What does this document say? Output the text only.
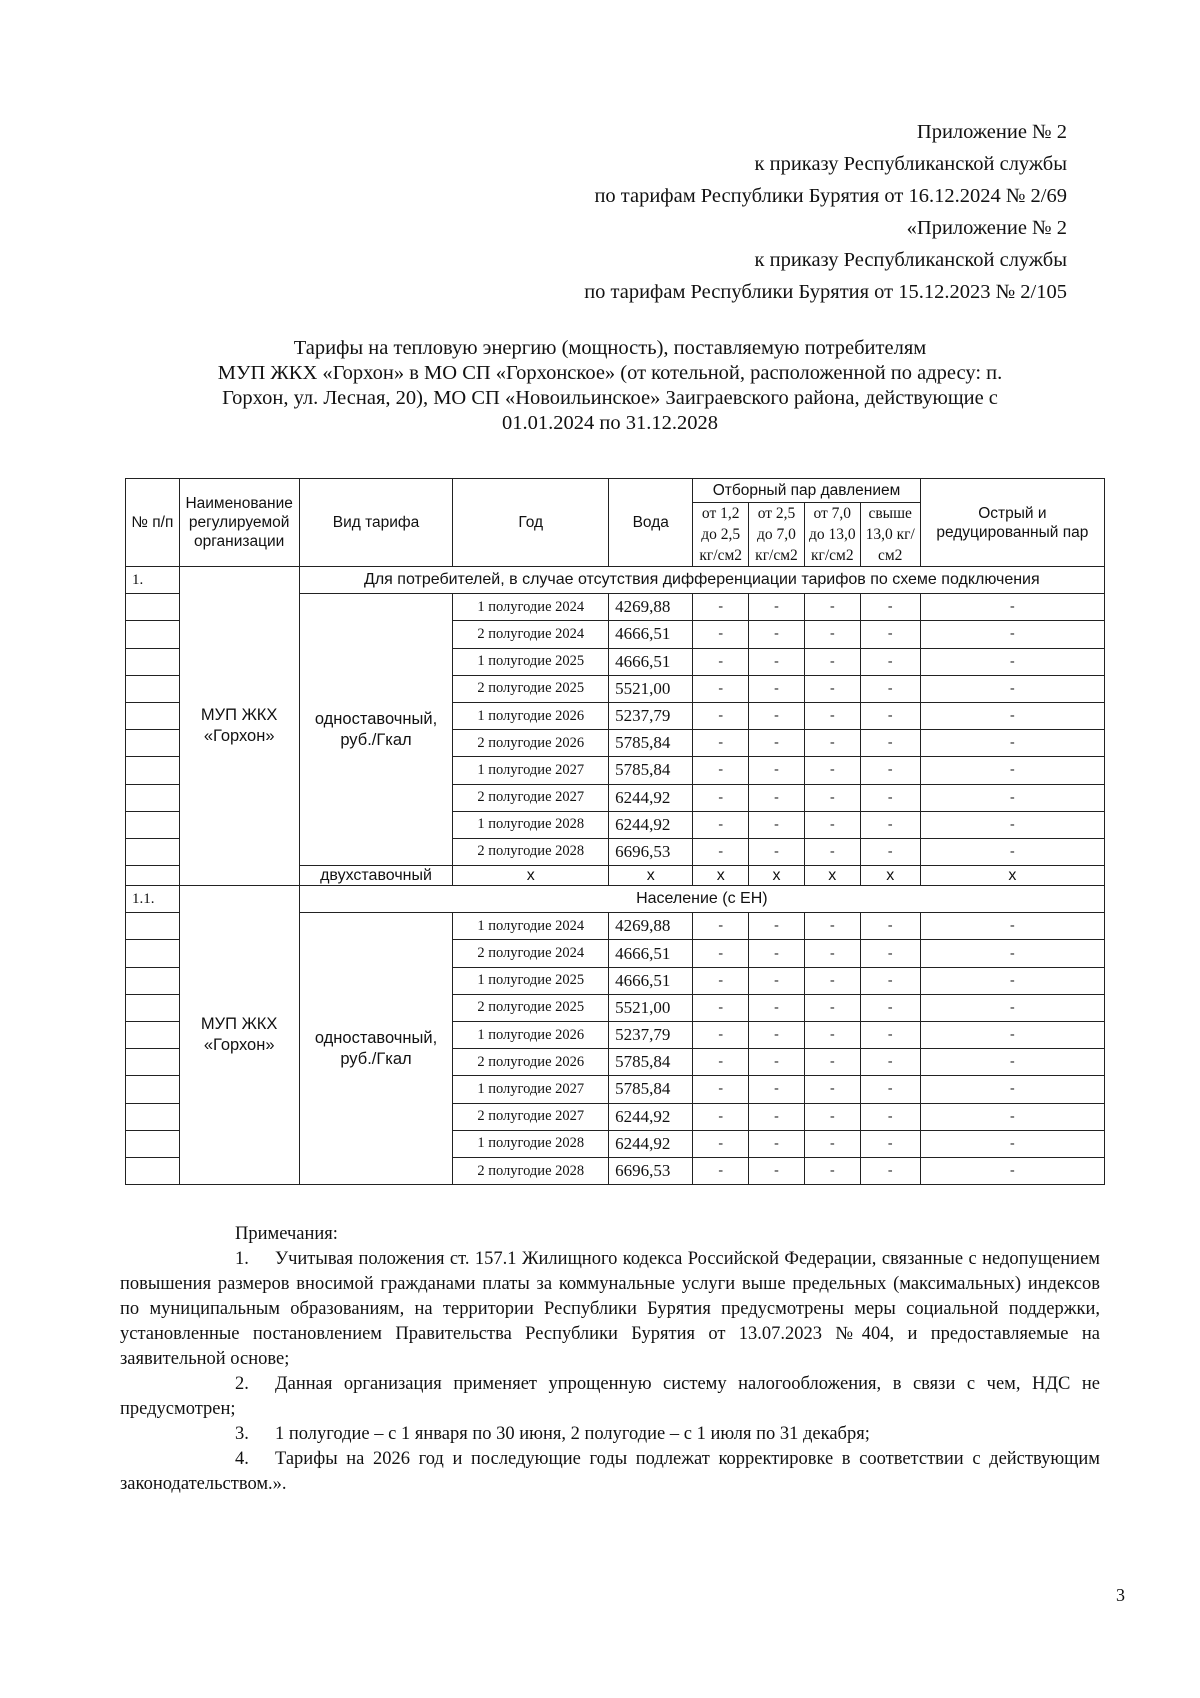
Приложение № 2
к приказу Республиканской службы
по тарифам Республики Бурятия от 16.12.2024 № 2/69
«Приложение № 2
к приказу Республиканской службы
по тарифам Республики Бурятия от 15.12.2023 № 2/105
Тарифы на тепловую энергию (мощность), поставляемую потребителям
МУП ЖКХ «Горхон» в МО СП «Горхонское» (от котельной, расположенной по адресу: п.
Горхон, ул. Лесная, 20), МО СП «Новоильинское» Заиграевского района, действующие с
01.01.2024 по 31.12.2028
№ п/п	Наименование регулируемой организации	Вид тарифа	Год	Вода	Отборный пар давлением				Острый и редуцированный пар
					от 1,2 до 2,5 кг/см2	от 2,5 до 7,0 кг/см2	от 7,0 до 13,0 кг/см2	свыше 13,0 кг/см2	
1.	МУП ЖКХ «Горхон»	Для потребителей, в случае отсутствия дифференциации тарифов по схеме подключения							
		одноставочный, руб./Гкал	1 полугодие 2024	4269,88	-	-	-	-	-
			2 полугодие 2024	4666,51	-	-	-	-	-
			1 полугодие 2025	4666,51	-	-	-	-	-
			2 полугодие 2025	5521,00	-	-	-	-	-
			1 полугодие 2026	5237,79	-	-	-	-	-
			2 полугодие 2026	5785,84	-	-	-	-	-
			1 полугодие 2027	5785,84	-	-	-	-	-
			2 полугодие 2027	6244,92	-	-	-	-	-
			1 полугодие 2028	6244,92	-	-	-	-	-
			2 полугодие 2028	6696,53	-	-	-	-	-
		двухставочный	х	х	х	х	х	х	х
1.1.	МУП ЖКХ «Горхон»	Население (с ЕН)							
		одноставочный, руб./Гкал	1 полугодие 2024	4269,88	-	-	-	-	-
			2 полугодие 2024	4666,51	-	-	-	-	-
			1 полугодие 2025	4666,51	-	-	-	-	-
			2 полугодие 2025	5521,00	-	-	-	-	-
			1 полугодие 2026	5237,79	-	-	-	-	-
			2 полугодие 2026	5785,84	-	-	-	-	-
			1 полугодие 2027	5785,84	-	-	-	-	-
			2 полугодие 2027	6244,92	-	-	-	-	-
			1 полугодие 2028	6244,92	-	-	-	-	-
			2 полугодие 2028	6696,53	-	-	-	-	-
Примечания:

1. Учитывая положения ст. 157.1 Жилищного кодекса Российской Федерации, связанные с недопущением повышения размеров вносимой гражданами платы за коммунальные услуги выше предельных (максимальных) индексов по муниципальным образованиям, на территории Республики Бурятия предусмотрены меры социальной поддержки, установленные постановлением Правительства Республики Бурятия от 13.07.2023 №404, и предоставляемые на заявительной основе;

2. Данная организация применяет упрощенную систему налогообложения, в связи с чем, НДС не предусмотрен;

3. 1 полугодие – с 1 января по 30 июня, 2 полугодие – с 1 июля по 31 декабря;

4. Тарифы на 2026 год и последующие годы подлежат корректировке в соответствии с действующим законодательством.».

3
